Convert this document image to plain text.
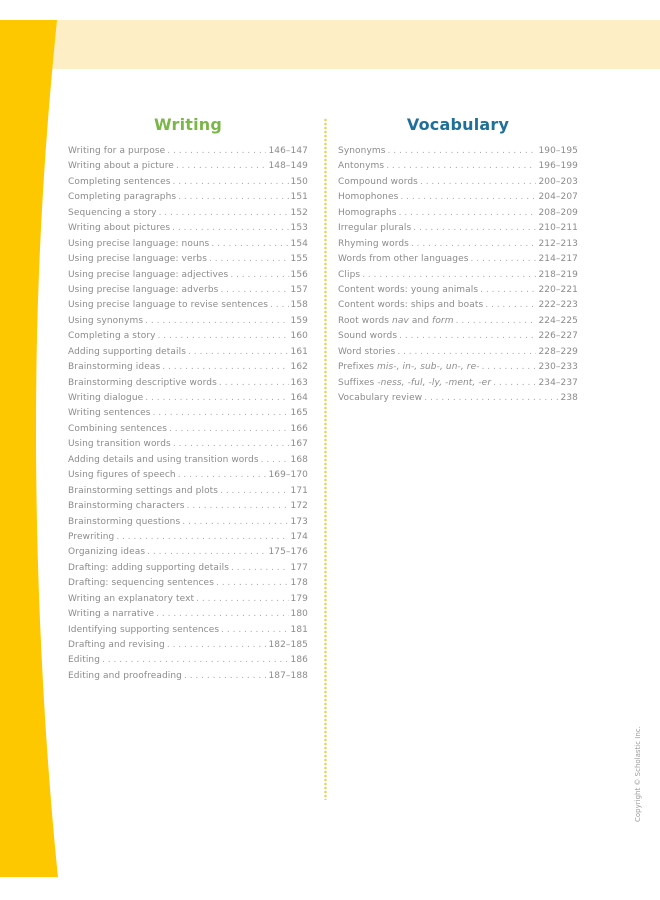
Writing
Writing for a purpose . . .	146–147
Writing about a picture . . .	148–149
Completing sentences . . .	150
Completing paragraphs . . .	151
Sequencing a story . . .	152
Writing about pictures . . .	153
Using precise language: nouns . . .	154
Using precise language: verbs . . .	155
Using precise language: adjectives . . .	156
Using precise language: adverbs . . .	157
Using precise language to revise sentences . . . 158
Using synonyms . . .	159
Completing a story . . .	160
Adding supporting details . . .	161
Brainstorming ideas . . .	162
Brainstorming descriptive words . . .	163
Writing dialogue . . .	164
Writing sentences . . .	165
Combining sentences . . .	166
Using transition words . . .	167
Adding details and using transition words . . .	168
Using figures of speech . . .	169–170
Brainstorming settings and plots . . .	171
Brainstorming characters . . .	172
Brainstorming questions . . .	173
Prewriting . . .	174
Organizing ideas . . .	175–176
Drafting: adding supporting details . . .	177
Drafting: sequencing sentences . . .	178
Writing an explanatory text . . .	179
Writing a narrative . . .	180
Identifying supporting sentences . . .	181
Drafting and revising . . .	182–185
Editing . . .	186
Editing and proofreading . . .	187–188
Vocabulary
Synonyms . . .	190–195
Antonyms . . .	196–199
Compound words . . .	200–203
Homophones . . .	204–207
Homographs . . .	208–209
Irregular plurals . . .	210–211
Rhyming words . . .	212–213
Words from other languages . . .	214–217
Clips . . .	218–219
Content words: young animals . . .	220–221
Content words: ships and boats . . .	222–223
Root words nav and form . . .	224–225
Sound words . . .	226–227
Word stories . . .	228–229
Prefixes mis-, in-, sub-, un-, re- . . .	230–233
Suffixes -ness, -ful, -ly, -ment, -er . . .	234–237
Vocabulary review . . .	238
Copyright © Scholastic Inc.
